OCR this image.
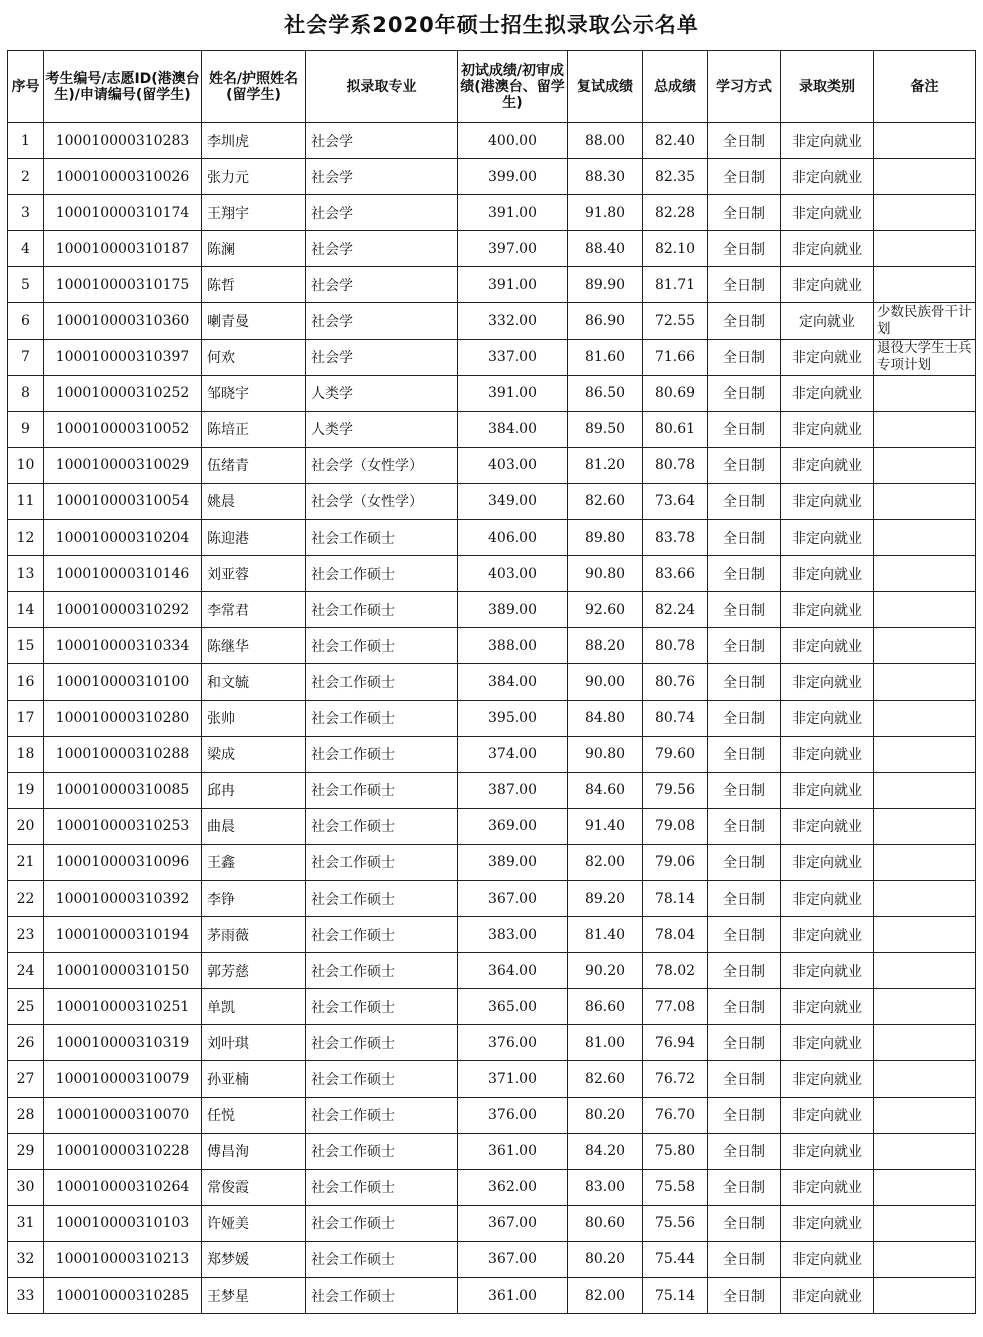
社会学系2020年硕士招生拟录取公示名单
序号	考生编号/志愿ID(港澳台生)/申请编号(留学生)	姓名/护照姓名(留学生)	拟录取专业	初试成绩/初审成绩(港澳台、留学生)	复试成绩	总成绩	学习方式	录取类别	备注
1	100010000310283	李圳虎	社会学	400.00	88.00	82.40	全日制	非定向就业	
2	100010000310026	张力元	社会学	399.00	88.30	82.35	全日制	非定向就业	
3	100010000310174	王翔宇	社会学	391.00	91.80	82.28	全日制	非定向就业	
4	100010000310187	陈澜	社会学	397.00	88.40	82.10	全日制	非定向就业	
5	100010000310175	陈哲	社会学	391.00	89.90	81.71	全日制	非定向就业	
6	100010000310360	喇青曼	社会学	332.00	86.90	72.55	全日制	定向就业	少数民族骨干计划
7	100010000310397	何欢	社会学	337.00	81.60	71.66	全日制	非定向就业	退役大学生士兵专项计划
8	100010000310252	邹晓宇	人类学	391.00	86.50	80.69	全日制	非定向就业	
9	100010000310052	陈培正	人类学	384.00	89.50	80.61	全日制	非定向就业	
10	100010000310029	伍绪青	社会学（女性学）	403.00	81.20	80.78	全日制	非定向就业	
11	100010000310054	姚晨	社会学（女性学）	349.00	82.60	73.64	全日制	非定向就业	
12	100010000310204	陈迎港	社会工作硕士	406.00	89.80	83.78	全日制	非定向就业	
13	100010000310146	刘亚蓉	社会工作硕士	403.00	90.80	83.66	全日制	非定向就业	
14	100010000310292	李常君	社会工作硕士	389.00	92.60	82.24	全日制	非定向就业	
15	100010000310334	陈继华	社会工作硕士	388.00	88.20	80.78	全日制	非定向就业	
16	100010000310100	和文毓	社会工作硕士	384.00	90.00	80.76	全日制	非定向就业	
17	100010000310280	张帅	社会工作硕士	395.00	84.80	80.74	全日制	非定向就业	
18	100010000310288	梁成	社会工作硕士	374.00	90.80	79.60	全日制	非定向就业	
19	100010000310085	邱冉	社会工作硕士	387.00	84.60	79.56	全日制	非定向就业	
20	100010000310253	曲晨	社会工作硕士	369.00	91.40	79.08	全日制	非定向就业	
21	100010000310096	王鑫	社会工作硕士	389.00	82.00	79.06	全日制	非定向就业	
22	100010000310392	李铮	社会工作硕士	367.00	89.20	78.14	全日制	非定向就业	
23	100010000310194	茅雨薇	社会工作硕士	383.00	81.40	78.04	全日制	非定向就业	
24	100010000310150	郭芳慈	社会工作硕士	364.00	90.20	78.02	全日制	非定向就业	
25	100010000310251	单凯	社会工作硕士	365.00	86.60	77.08	全日制	非定向就业	
26	100010000310319	刘叶琪	社会工作硕士	376.00	81.00	76.94	全日制	非定向就业	
27	100010000310079	孙亚楠	社会工作硕士	371.00	82.60	76.72	全日制	非定向就业	
28	100010000310070	任悦	社会工作硕士	376.00	80.20	76.70	全日制	非定向就业	
29	100010000310228	傅昌洵	社会工作硕士	361.00	84.20	75.80	全日制	非定向就业	
30	100010000310264	常俊霞	社会工作硕士	362.00	83.00	75.58	全日制	非定向就业	
31	100010000310103	许娅美	社会工作硕士	367.00	80.60	75.56	全日制	非定向就业	
32	100010000310213	郑梦媛	社会工作硕士	367.00	80.20	75.44	全日制	非定向就业	
33	100010000310285	王梦星	社会工作硕士	361.00	82.00	75.14	全日制	非定向就业	
